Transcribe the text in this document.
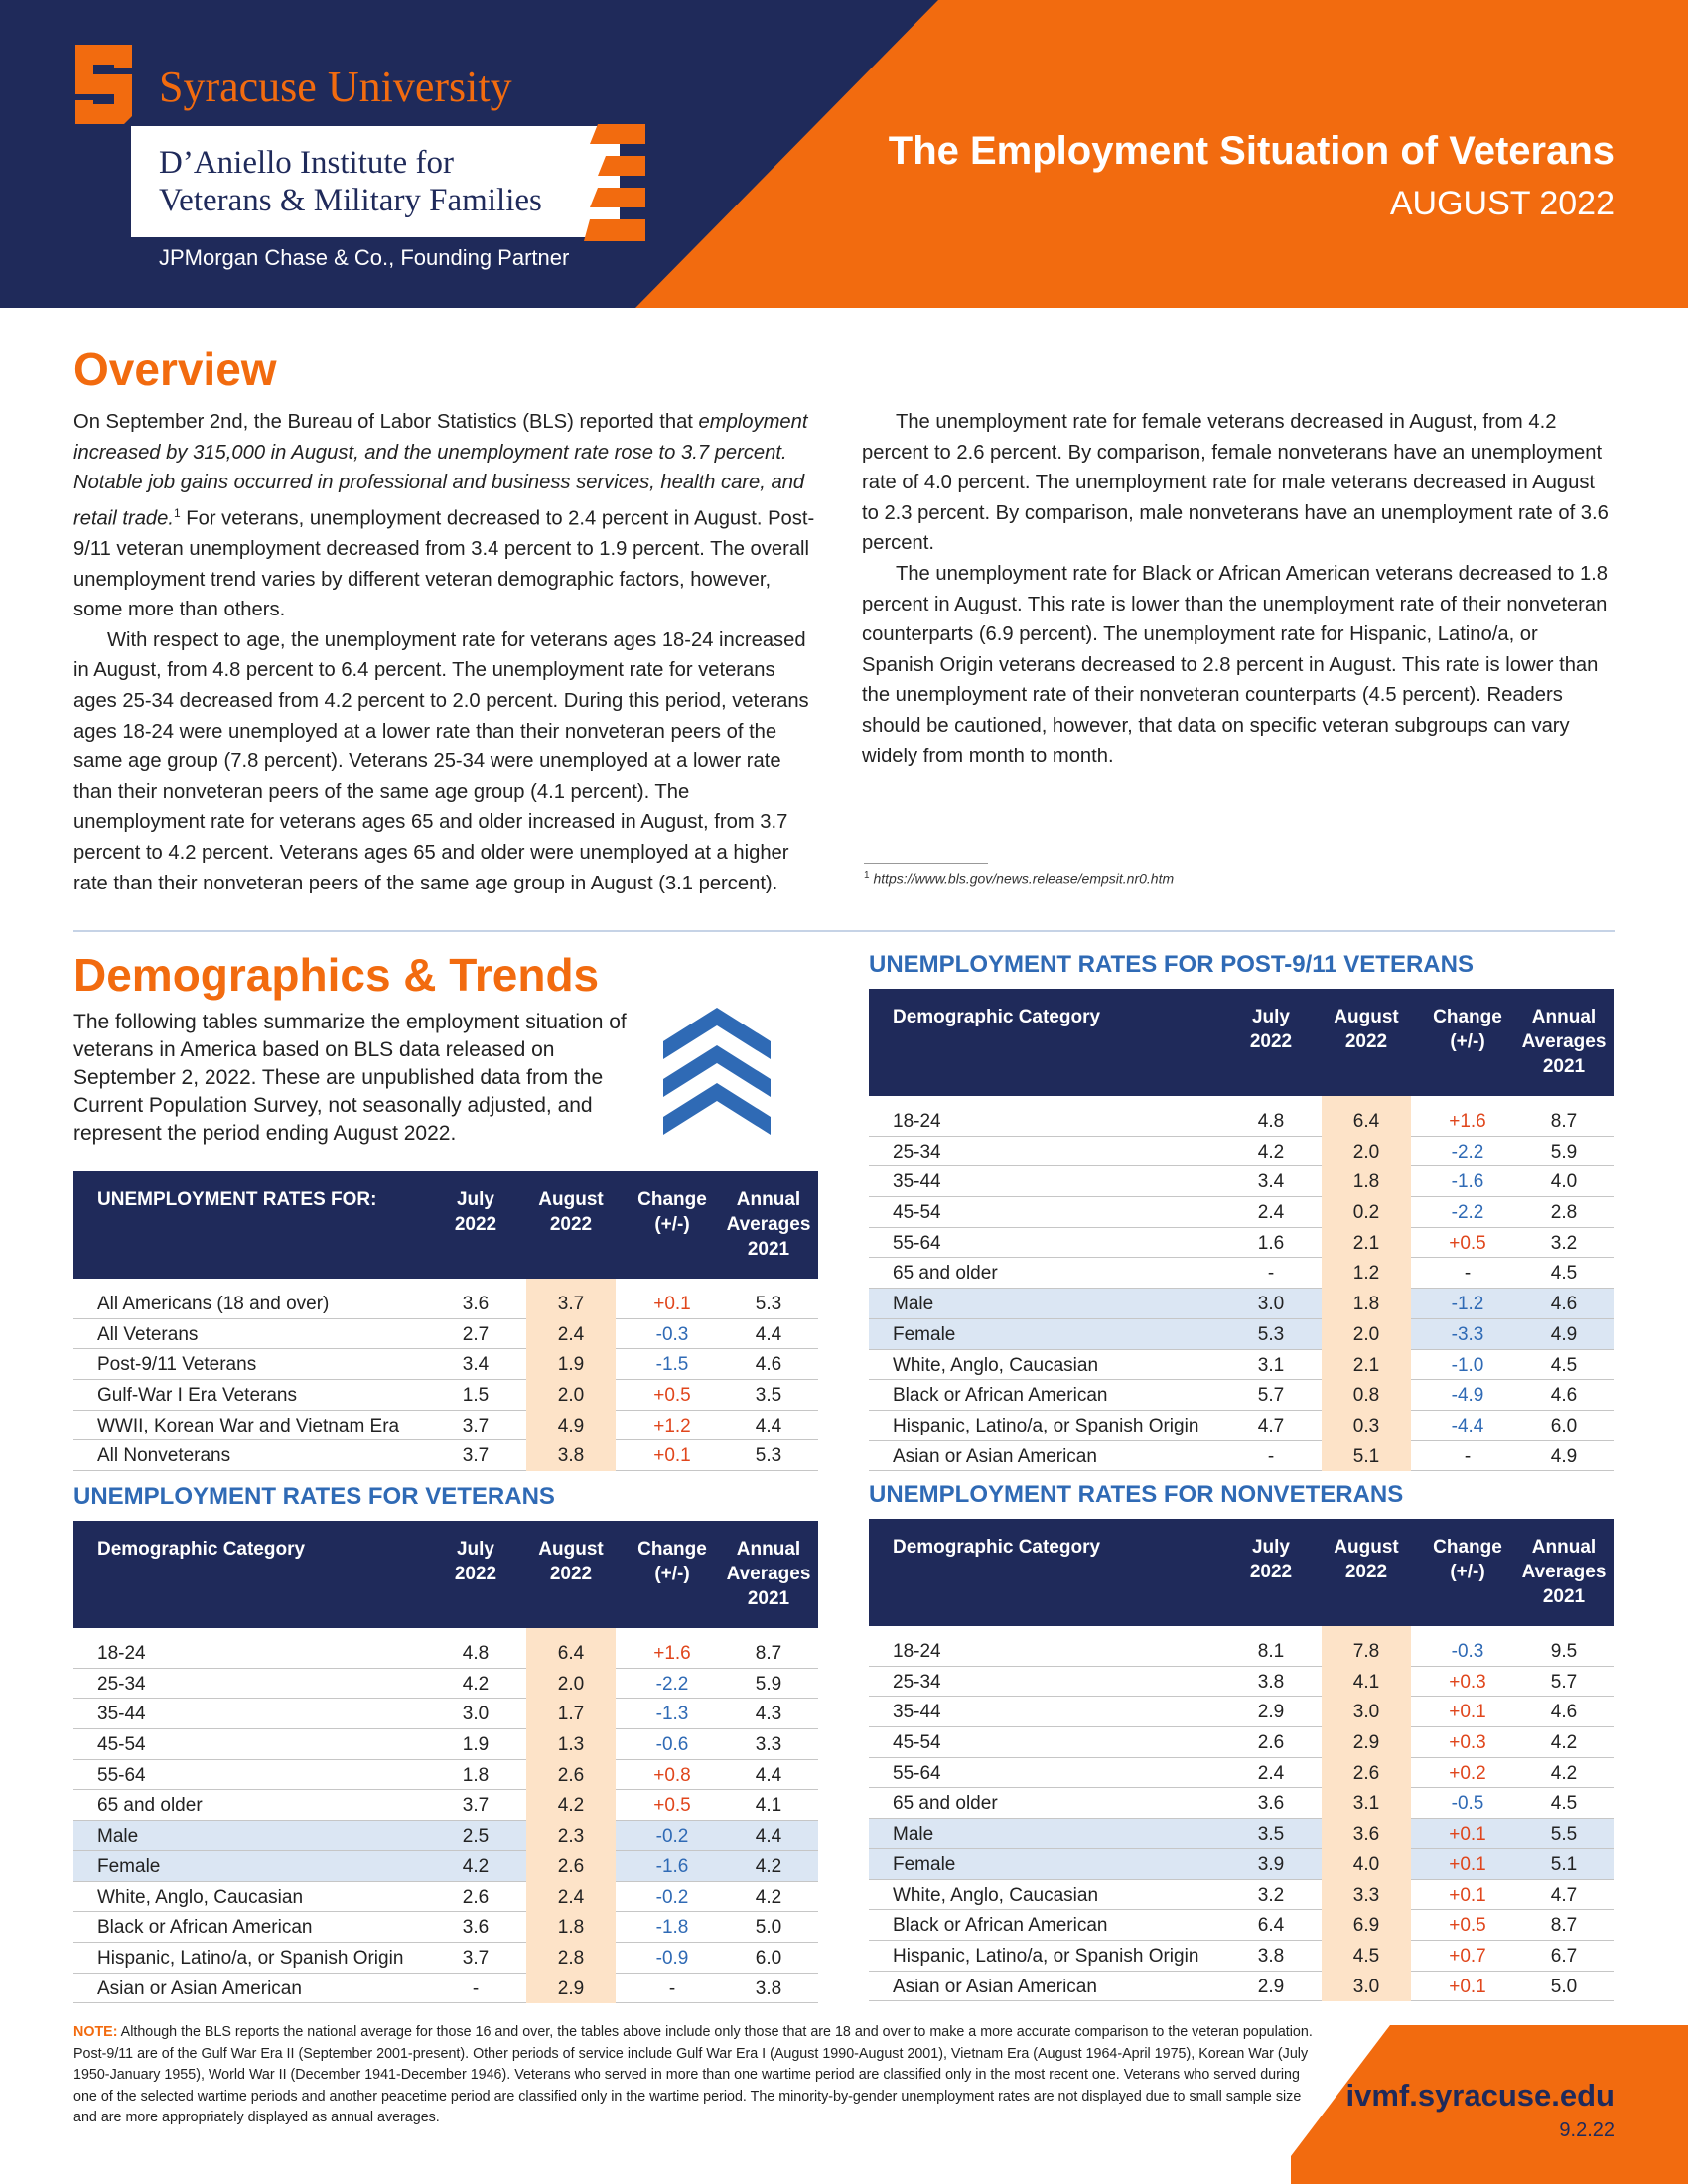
Syracuse University
D’Aniello Institute for
Veterans & Military Families
JPMorgan Chase & Co., Founding Partner
The Employment Situation of Veterans
AUGUST 2022
Overview

On September 2nd, the Bureau of Labor Statistics (BLS) reported that employment increased by 315,000 in August, and the unemployment rate rose to 3.7 percent. Notable job gains occurred in professional and business services, health care, and retail trade.$^1$ For veterans, unemployment decreased to 2.4 percent in August. Post-9/11 veteran unemployment decreased from 3.4 percent to 1.9 percent. The overall unemployment trend varies by different veteran demographic factors, however, some more than others.

With respect to age, the unemployment rate for veterans ages 18-24 increased in August, from 4.8 percent to 6.4 percent. The unemployment rate for veterans ages 25-34 decreased from 4.2 percent to 2.0 percent. During this period, veterans ages 18-24 were unemployed at a lower rate than their nonveteran peers of the same age group (7.8 percent). Veterans 25-34 were unemployed at a lower rate than their nonveteran peers of the same age group (4.1 percent). The unemployment rate for veterans ages 65 and older increased in August, from 3.7 percent to 4.2 percent. Veterans ages 65 and older were unemployed at a higher rate than their nonveteran peers of the same age group in August (3.1 percent).

The unemployment rate for female veterans decreased in August, from 4.2 percent to 2.6 percent. By comparison, female nonveterans have an unemployment rate of 4.0 percent. The unemployment rate for male veterans decreased in August to 2.3 percent. By comparison, male nonveterans have an unemployment rate of 3.6 percent.

The unemployment rate for Black or African American veterans decreased to 1.8 percent in August. This rate is lower than the unemployment rate of their nonveteran counterparts (6.9 percent). The unemployment rate for Hispanic, Latino/a, or Spanish Origin veterans decreased to 2.8 percent in August. This rate is lower than the unemployment rate of their nonveteran counterparts (4.5 percent). Readers should be cautioned, however, that data on specific veteran subgroups can vary widely from month to month.

$^1$ https://www.bls.gov/news.release/empsit.nr0.htm
Demographics & Trends
The following tables summarize the employment situation of veterans in America based on BLS data released on September 2, 2022. These are unpublished data from the Current Population Survey, not seasonally adjusted, and represent the period ending August 2022.
UNEMPLOYMENT RATES FOR:	July
2022
August
2022
Change
(+/-)
Annual
Averages
2021
All Americans (18 and over)	3.6	3.7	+0.1	5.3
All Veterans	2.7	2.4	-0.3	4.4
Post-9/11 Veterans	3.4	1.9	-1.5	4.6
Gulf-War I Era Veterans	1.5	2.0	+0.5	3.5
WWII, Korean War and Vietnam Era	3.7	4.9	+1.2	4.4
All Nonveterans	3.7	3.8	+0.1	5.3
UNEMPLOYMENT RATES FOR VETERANS
Demographic Category	July
2022
August
2022
Change
(+/-)
Annual
Averages
2021
18-24	4.8	6.4	+1.6	8.7
25-34	4.2	2.0	-2.2	5.9
35-44	3.0	1.7	-1.3	4.3
45-54	1.9	1.3	-0.6	3.3
55-64	1.8	2.6	+0.8	4.4
65 and older	3.7	4.2	+0.5	4.1
Male	2.5	2.3	-0.2	4.4
Female	4.2	2.6	-1.6	4.2
White, Anglo, Caucasian	2.6	2.4	-0.2	4.2
Black or African American	3.6	1.8	-1.8	5.0
Hispanic, Latino/a, or Spanish Origin	3.7	2.8	-0.9	6.0
Asian or Asian American	-	2.9	-	3.8
UNEMPLOYMENT RATES FOR POST-9/11 VETERANS
Demographic Category	July
2022
August
2022
Change
(+/-)
Annual
Averages
2021
18-24	4.8	6.4	+1.6	8.7
25-34	4.2	2.0	-2.2	5.9
35-44	3.4	1.8	-1.6	4.0
45-54	2.4	0.2	-2.2	2.8
55-64	1.6	2.1	+0.5	3.2
65 and older	-	1.2	-	4.5
Male	3.0	1.8	-1.2	4.6
Female	5.3	2.0	-3.3	4.9
White, Anglo, Caucasian	3.1	2.1	-1.0	4.5
Black or African American	5.7	0.8	-4.9	4.6
Hispanic, Latino/a, or Spanish Origin	4.7	0.3	-4.4	6.0
Asian or Asian American	-	5.1	-	4.9
UNEMPLOYMENT RATES FOR NONVETERANS
Demographic Category	July
2022
August
2022
Change
(+/-)
Annual
Averages
2021
18-24	8.1	7.8	-0.3	9.5
25-34	3.8	4.1	+0.3	5.7
35-44	2.9	3.0	+0.1	4.6
45-54	2.6	2.9	+0.3	4.2
55-64	2.4	2.6	+0.2	4.2
65 and older	3.6	3.1	-0.5	4.5
Male	3.5	3.6	+0.1	5.5
Female	3.9	4.0	+0.1	5.1
White, Anglo, Caucasian	3.2	3.3	+0.1	4.7
Black or African American	6.4	6.9	+0.5	8.7
Hispanic, Latino/a, or Spanish Origin	3.8	4.5	+0.7	6.7
Asian or Asian American	2.9	3.0	+0.1	5.0
NOTE: Although the BLS reports the national average for those 16 and over, the tables above include only those that are 18 and over to make a more accurate comparison to the veteran population. Post-9/11 are of the Gulf War Era II (September 2001-present). Other periods of service include Gulf War Era I (August 1990-August 2001), Vietnam Era (August 1964-April 1975), Korean War (July 1950-January 1955), World War II (December 1941-December 1946). Veterans who served in more than one wartime period are classified only in the most recent one. Veterans who served during one of the selected wartime periods and another peacetime period are classified only in the wartime period. The minority-by-gender unemployment rates are not displayed due to small sample size and are more appropriately displayed as annual averages.
ivmf.syracuse.edu
9.2.22
